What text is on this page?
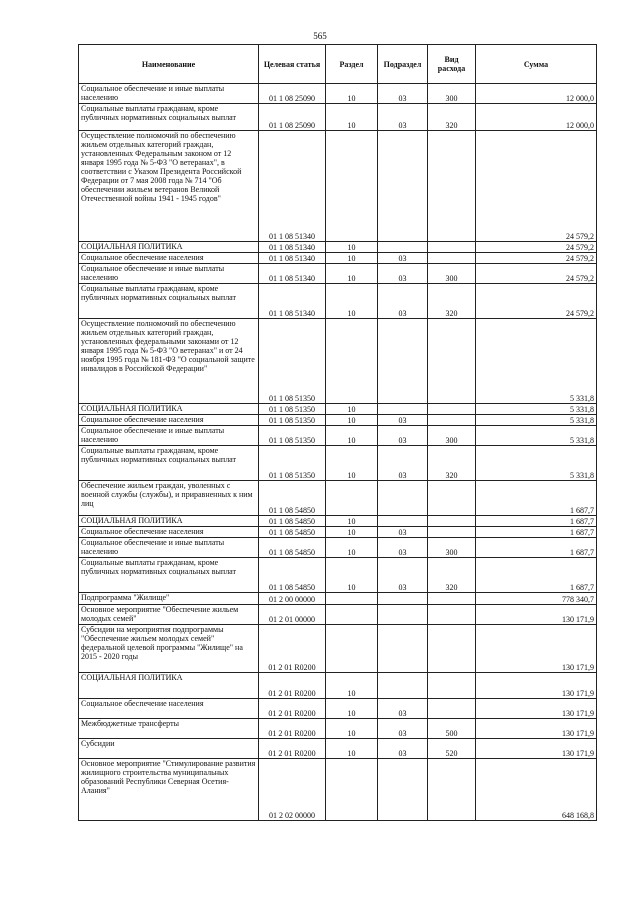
565
Наименование	Целевая статья	Раздел	Подраздел	Вид расхода	Сумма
Социальное обеспечение и иные выплаты населению	01 1 08 25090	10	03	300	12 000,0
Социальные выплаты гражданам, кроме публичных нормативных социальных выплат	01 1 08 25090	10	03	320	12 000,0
Осуществление полномочий по обеспечению жильем отдельных категорий граждан, установленных Федеральным законом от 12 января 1995 года № 5-ФЗ "О ветеранах", в соответствии с Указом Президента Российской Федерации от 7 мая 2008 года № 714 "Об обеспечении жильем ветеранов Великой Отечественной войны 1941 - 1945 годов"	01 1 08 51340				24 579,2
СОЦИАЛЬНАЯ ПОЛИТИКА	01 1 08 51340	10			24 579,2
Социальное обеспечение населения	01 1 08 51340	10	03		24 579,2
Социальное обеспечение и иные выплаты населению	01 1 08 51340	10	03	300	24 579,2
Социальные выплаты гражданам, кроме публичных нормативных социальных выплат	01 1 08 51340	10	03	320	24 579,2
Осуществление полномочий по обеспечению жильем отдельных категорий граждан, установленных федеральными законами от 12 января 1995 года № 5-ФЗ "О ветеранах" и от 24 ноября 1995 года № 181-ФЗ "О социальной защите инвалидов в Российской Федерации"	01 1 08 51350				5 331,8
СОЦИАЛЬНАЯ ПОЛИТИКА	01 1 08 51350	10			5 331,8
Социальное обеспечение населения	01 1 08 51350	10	03		5 331,8
Социальное обеспечение и иные выплаты населению	01 1 08 51350	10	03	300	5 331,8
Социальные выплаты гражданам, кроме публичных нормативных социальных выплат	01 1 08 51350	10	03	320	5 331,8
Обеспечение жильем граждан, уволенных с военной службы (службы), и приравненных к ним лиц	01 1 08 54850				1 687,7
СОЦИАЛЬНАЯ ПОЛИТИКА	01 1 08 54850	10			1 687,7
Социальное обеспечение населения	01 1 08 54850	10	03		1 687,7
Социальное обеспечение и иные выплаты населению	01 1 08 54850	10	03	300	1 687,7
Социальные выплаты гражданам, кроме публичных нормативных социальных выплат	01 1 08 54850	10	03	320	1 687,7
Подпрограмма "Жилище"	01 2 00 00000				778 340,7
Основное мероприятие "Обеспечение жильем молодых семей"	01 2 01 00000				130 171,9
Субсидии на мероприятия подпрограммы "Обеспечение жильем молодых семей" федеральной целевой программы "Жилище" на 2015 - 2020 годы	01 2 01 R0200				130 171,9
СОЦИАЛЬНАЯ ПОЛИТИКА	01 2 01 R0200	10			130 171,9
Социальное обеспечение населения	01 2 01 R0200	10	03		130 171,9
Межбюджетные трансферты	01 2 01 R0200	10	03	500	130 171,9
Субсидии	01 2 01 R0200	10	03	520	130 171,9
Основное мероприятие "Стимулирование развития жилищного строительства муниципальных образований Республики Северная Осетия-Алания"	01 2 02 00000				648 168,8
